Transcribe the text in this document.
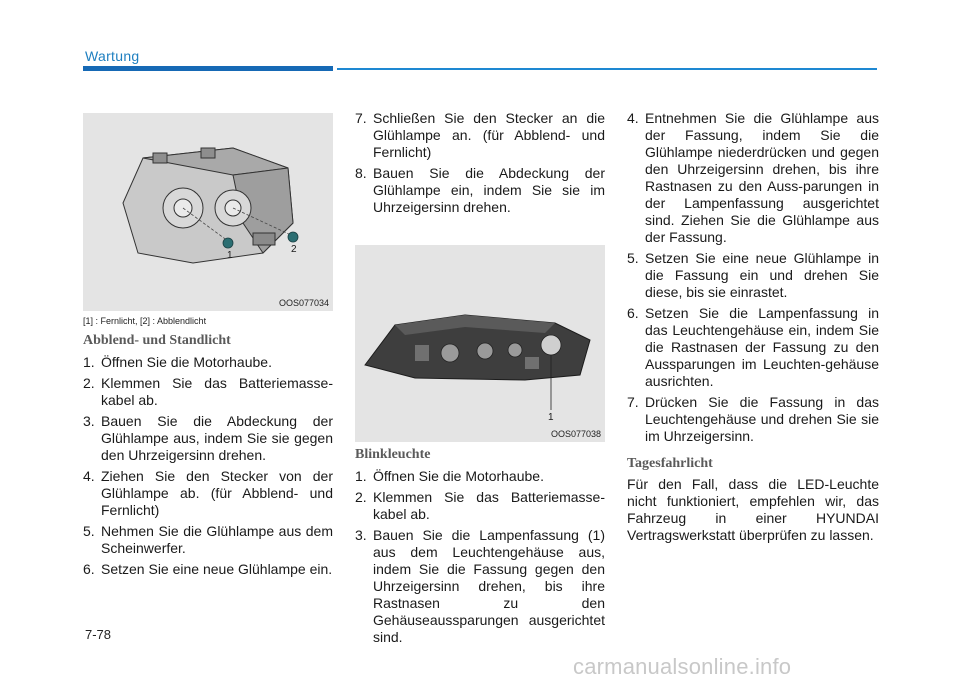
Wartung
1
2
OOS077034
[1] : Fernlicht, [2] : Abblendlicht
Abblend- und Standlicht
1. Öffnen Sie die Motorhaube.
2. Klemmen Sie das Batteriemasse-kabel ab.
3. Bauen Sie die Abdeckung der Glühlampe aus, indem Sie sie gegen den Uhrzeigersinn drehen.
4. Ziehen Sie den Stecker von der Glühlampe ab. (für Abblend- und Fernlicht)
5. Nehmen Sie die Glühlampe aus dem Scheinwerfer.
6. Setzen Sie eine neue Glühlampe ein.
7. Schließen Sie den Stecker an die Glühlampe an. (für Abblend- und Fernlicht)
8. Bauen Sie die Abdeckung der Glühlampe ein, indem Sie sie im Uhrzeigersinn drehen.
1
OOS077038
Blinkleuchte
1. Öffnen Sie die Motorhaube.
2. Klemmen Sie das Batteriemasse-kabel ab.
3. Bauen Sie die Lampenfassung (1) aus dem Leuchtengehäuse aus, indem Sie die Fassung gegen den Uhrzeigersinn drehen, bis ihre Rastnasen zu den Gehäuseaussparungen ausgerichtet sind.
4. Entnehmen Sie die Glühlampe aus der Fassung, indem Sie die Glühlampe niederdrücken und gegen den Uhrzeigersinn drehen, bis ihre Rastnasen zu den Auss-parungen in der Lampenfassung ausgerichtet sind. Ziehen Sie die Glühlampe aus der Fassung.
5. Setzen Sie eine neue Glühlampe in die Fassung ein und drehen Sie diese, bis sie einrastet.
6. Setzen Sie die Lampenfassung in das Leuchtengehäuse ein, indem Sie die Rastnasen der Fassung zu den Aussparungen im Leuchten-gehäuse ausrichten.
7. Drücken Sie die Fassung in das Leuchtengehäuse und drehen Sie sie im Uhrzeigersinn.
Tagesfahrlicht
Für den Fall, dass die LED-Leuchte nicht funktioniert, empfehlen wir, das Fahrzeug in einer HYUNDAI Vertragswerkstatt überprüfen zu lassen.
7-78
carmanualsonline.info
